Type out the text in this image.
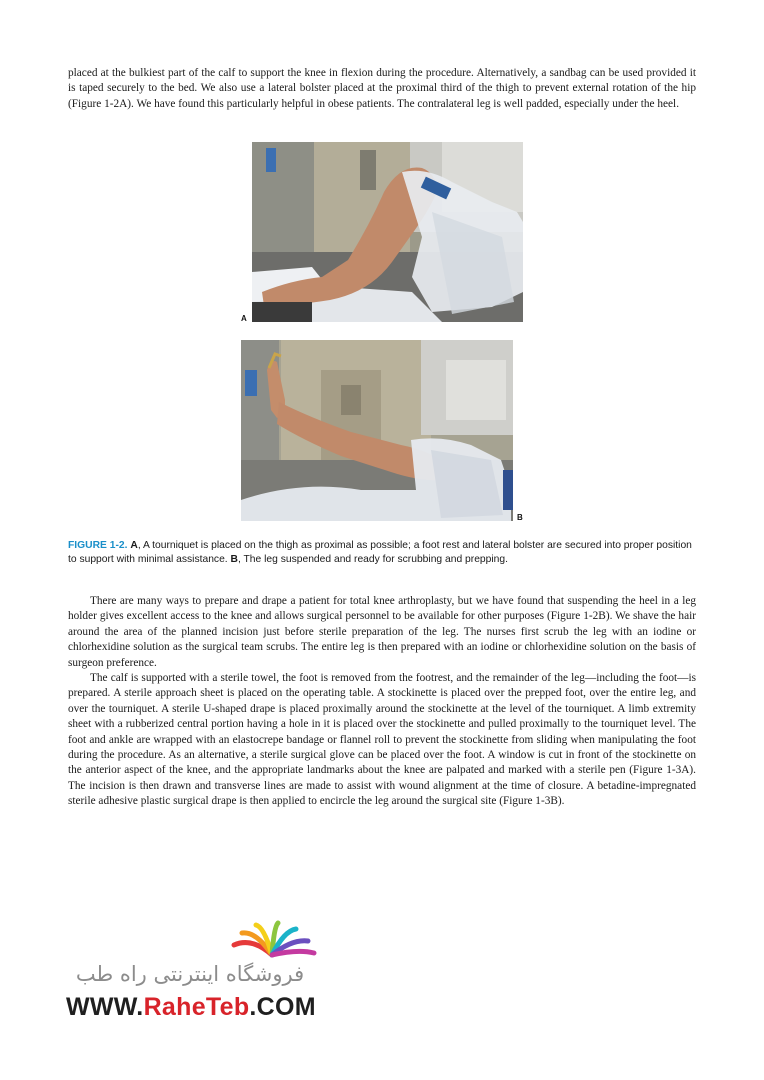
placed at the bulkiest part of the calf to support the knee in flexion during the procedure. Alternatively, a sandbag can be used provided it is taped securely to the bed. We also use a lateral bolster placed at the proximal third of the thigh to prevent external rotation of the hip (Figure 1-2A). We have found this particularly helpful in obese patients. The contralateral leg is well padded, especially under the heel.

A
B

FIGURE 1-2. A, A tourniquet is placed on the thigh as proximal as possible; a foot rest and lateral bolster are secured into proper position to support with minimal assistance. B, The leg suspended and ready for scrubbing and prepping.

There are many ways to prepare and drape a patient for total knee arthroplasty, but we have found that suspending the heel in a leg holder gives excellent access to the knee and allows surgical personnel to be available for other purposes (Figure 1-2B). We shave the hair around the area of the planned incision just before sterile preparation of the leg. The nurses first scrub the leg with an iodine or chlorhexidine solution as the surgical team scrubs. The entire leg is then prepared with an iodine or chlorhexidine solution on the basis of surgeon preference.

The calf is supported with a sterile towel, the foot is removed from the footrest, and the remainder of the leg—including the foot—is prepared. A sterile approach sheet is placed on the operating table. A stockinette is placed over the prepped foot, over the entire leg, and over the tourniquet. A sterile U-shaped drape is placed proximally around the stockinette at the level of the tourniquet. A limb extremity sheet with a rubberized central portion having a hole in it is placed over the stockinette and pulled proximally to the tourniquet level. The foot and ankle are wrapped with an elastocrepe bandage or flannel roll to prevent the stockinette from sliding when manipulating the foot during the procedure. As an alternative, a sterile surgical glove can be placed over the foot. A window is cut in front of the stockinette on the anterior aspect of the knee, and the appropriate landmarks about the knee are palpated and marked with a sterile pen (Figure 1-3A). The incision is then drawn and transverse lines are made to assist with wound alignment at the time of closure. A betadine-impregnated sterile adhesive plastic surgical drape is then applied to encircle the leg around the surgical site (Figure 1-3B).

فروشگاه اینترنتی راه طب

WWW.RaheTeb.COM
